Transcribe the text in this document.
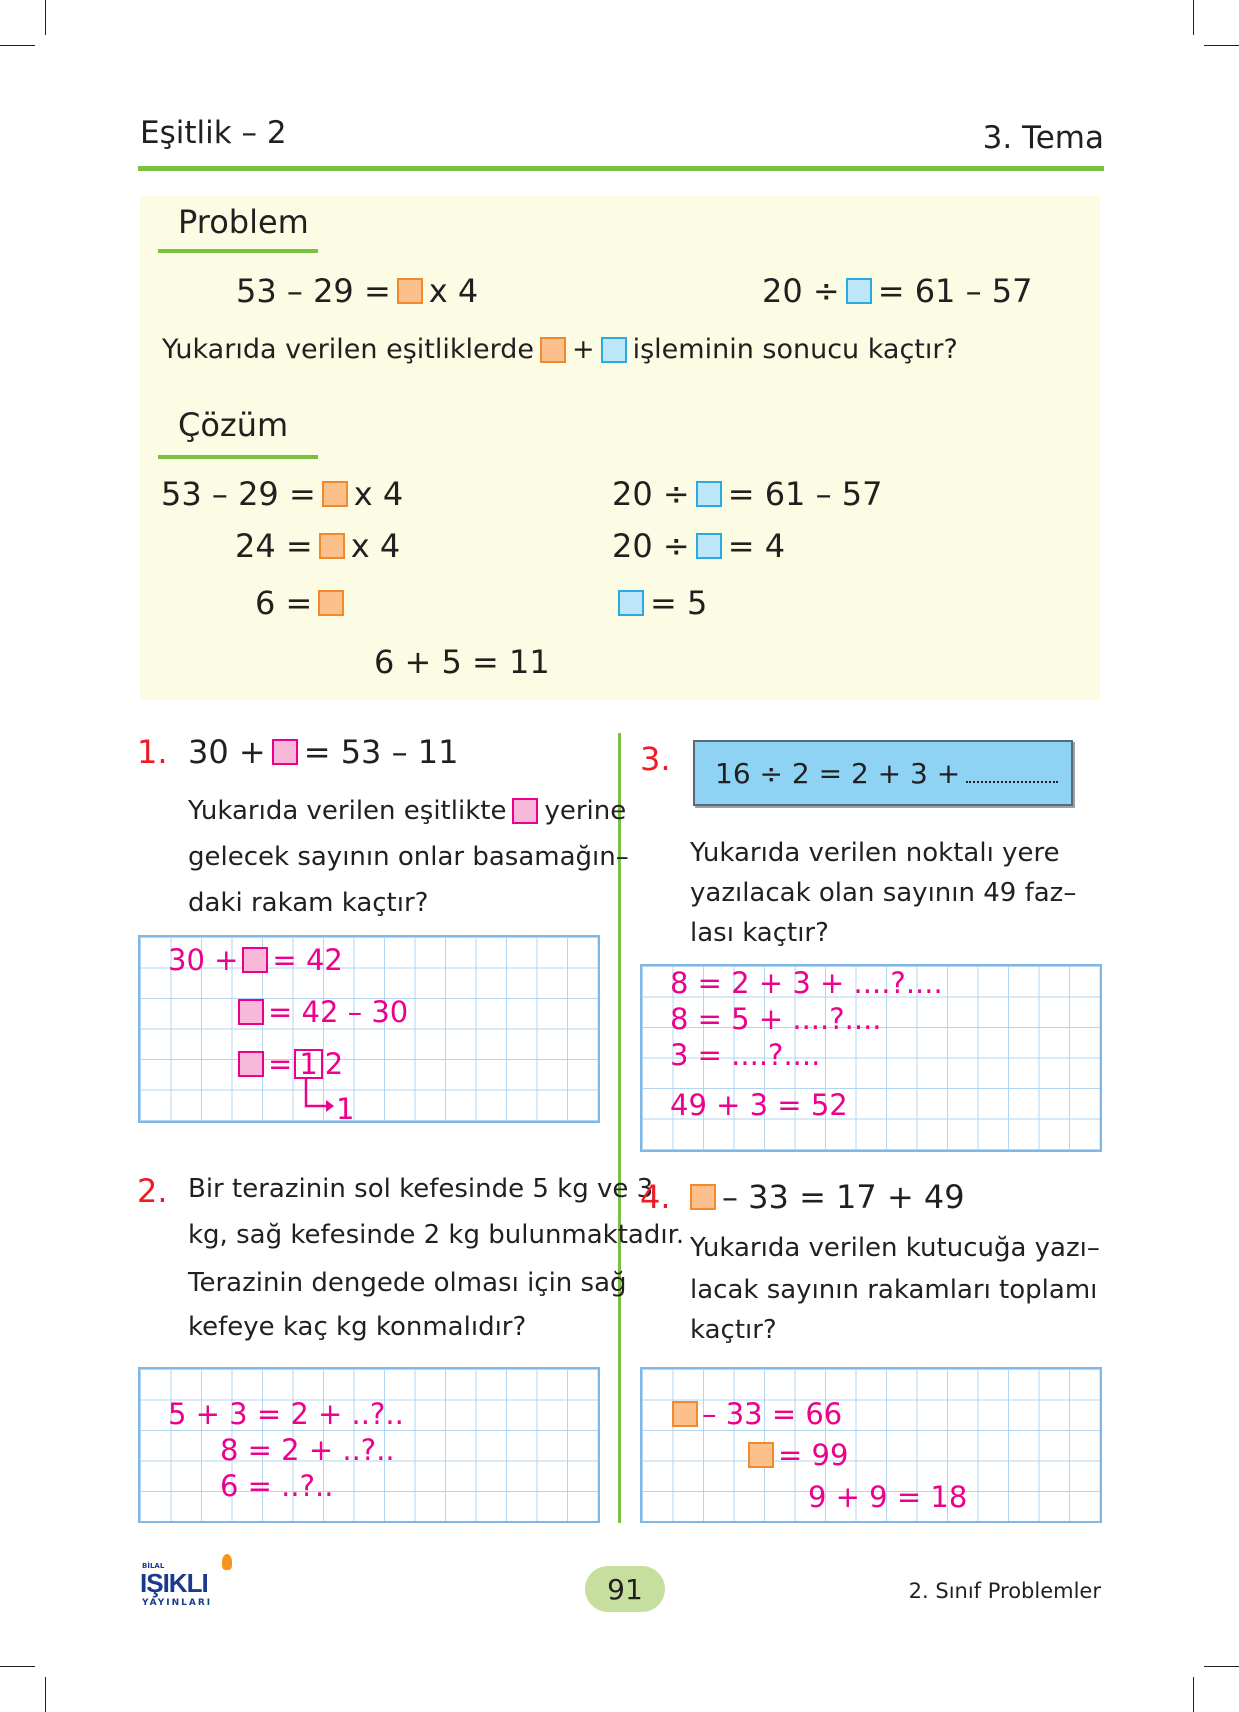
Eşitlik – 2	3. Tema
Problem
53 – 29 = x 4	20 ÷ = 61 – 57
Yukarıda verilen eşitliklerde + işleminin sonucu kaçtır?
Çözüm
53 – 29 = x 4
24 = x 4
6 =
20 ÷ = 61 – 57
20 ÷ = 4
= 5
6 + 5 = 11
1. 30 + = 53 – 11
Yukarıda verilen eşitlikte yerine
gelecek sayının onlar basamağın–
daki rakam kaçtır?
30 + = 42
= 42 – 30
= 1 2
1
2. Bir terazinin sol kefesinde 5 kg ve 3
kg, sağ kefesinde 2 kg bulunmaktadır.
Terazinin dengede olması için sağ
kefeye kaç kg konmalıdır?
5 + 3 = 2 + ..?..
8 = 2 + ..?..
6 = ..?..
3. 16 ÷ 2 = 2 + 3 +
Yukarıda verilen noktalı yere
yazılacak olan sayının 49 faz–
lası kaçtır?
8 = 2 + 3 + ....?....
8 = 5 + ....?....
3 = ....?....
49 + 3 = 52
4. – 33 = 17 + 49
Yukarıda verilen kutucuğa yazı–
lacak sayının rakamları toplamı
kaçtır?
– 33 = 66
= 99
9 + 9 = 18
BİLAL
IŞIKLI
YAYINLARI	91	2. Sınıf Problemler
